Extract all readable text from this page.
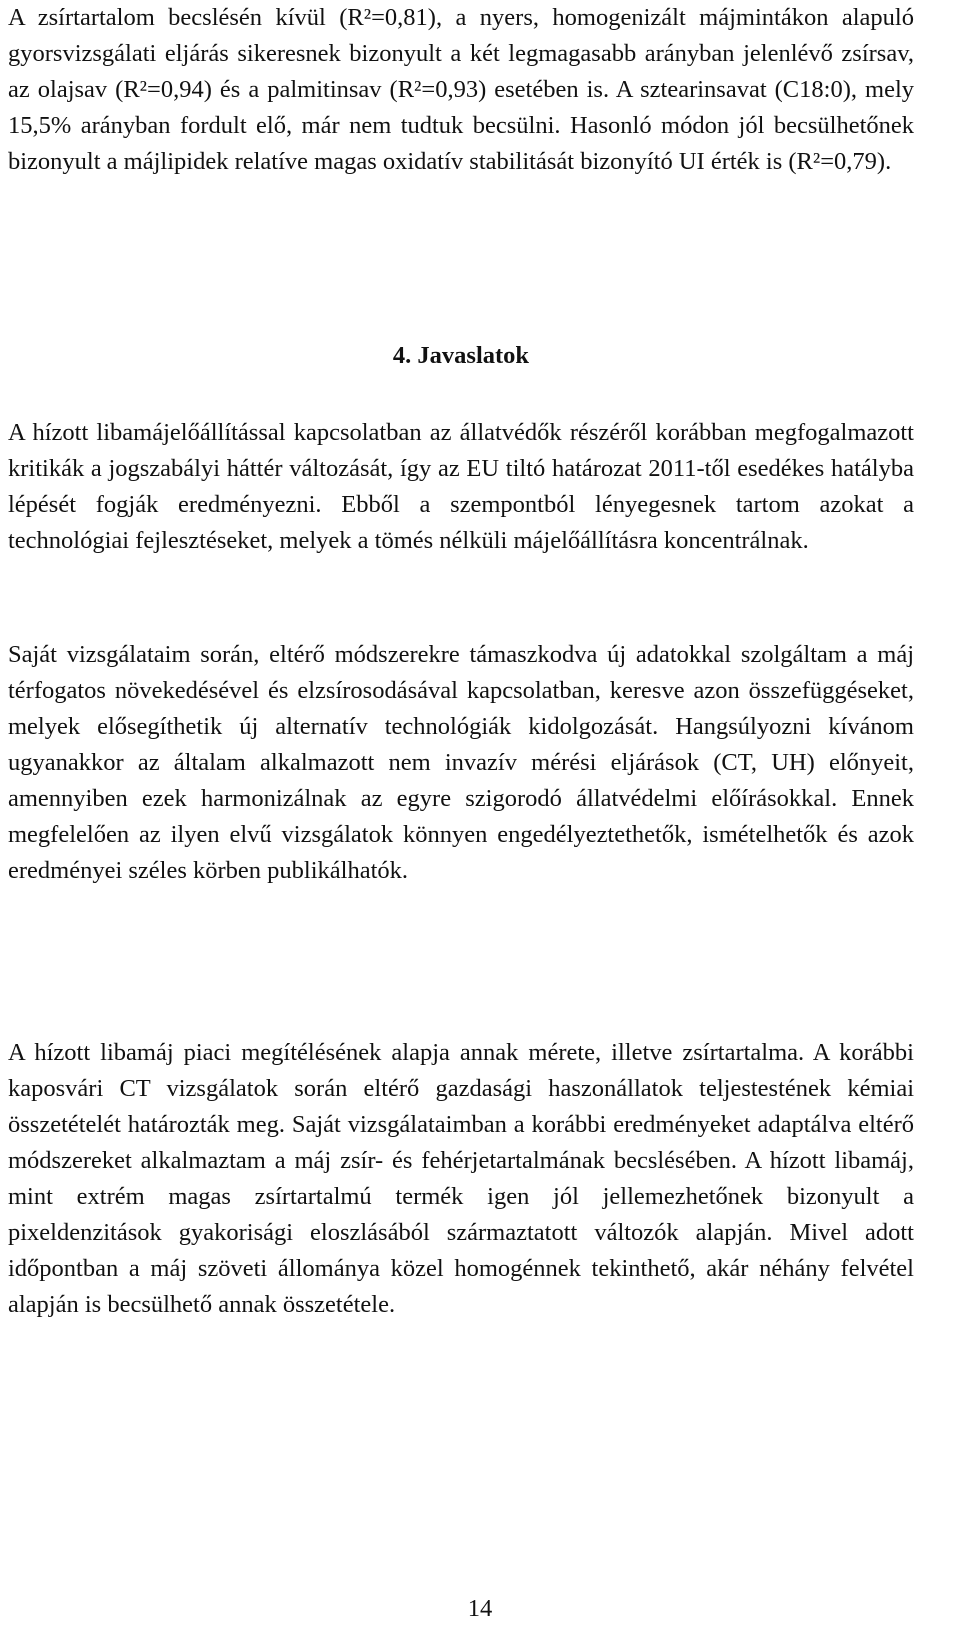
A zsírtartalom becslésén kívül (R²=0,81), a nyers, homogenizált májmintákon alapuló gyorsvizsgálati eljárás sikeresnek bizonyult a két legmagasabb arányban jelenlévő zsírsav, az olajsav (R²=0,94) és a palmitinsav (R²=0,93) esetében is. A sztearinsavat (C18:0), mely 15,5% arányban fordult elő, már nem tudtuk becsülni. Hasonló módon jól becsülhetőnek bizonyult a májlipidek relatíve magas oxidatív stabilitását bizonyító UI érték is (R²=0,79).

4. Javaslatok

A hízott libamájelőállítással kapcsolatban az állatvédők részéről korábban megfogalmazott kritikák a jogszabályi háttér változását, így az EU tiltó határozat 2011-től esedékes hatályba lépését fogják eredményezni. Ebből a szempontból lényegesnek tartom azokat a technológiai fejlesztéseket, melyek a tömés nélküli májelőállításra koncentrálnak.

Saját vizsgálataim során, eltérő módszerekre támaszkodva új adatokkal szolgáltam a máj térfogatos növekedésével és elzsírosodásával kapcsolatban, keresve azon összefüggéseket, melyek elősegíthetik új alternatív technológiák kidolgozását. Hangsúlyozni kívánom ugyanakkor az általam alkalmazott nem invazív mérési eljárások (CT, UH) előnyeit, amennyiben ezek harmonizálnak az egyre szigorodó állatvédelmi előírásokkal. Ennek megfelelően az ilyen elvű vizsgálatok könnyen engedélyeztethetők, ismételhetők és azok eredményei széles körben publikálhatók.

A hízott libamáj piaci megítélésének alapja annak mérete, illetve zsírtartalma. A korábbi kaposvári CT vizsgálatok során eltérő gazdasági haszonállatok teljestestének kémiai összetételét határozták meg. Saját vizsgálataimban a korábbi eredményeket adaptálva eltérő módszereket alkalmaztam a máj zsír- és fehérjetartalmának becslésében. A hízott libamáj, mint extrém magas zsírtartalmú termék igen jól jellemezhetőnek bizonyult a pixeldenzitások gyakorisági eloszlásából származtatott változók alapján. Mivel adott időpontban a máj szöveti állománya közel homogénnek tekinthető, akár néhány felvétel alapján is becsülhető annak összetétele.

14
